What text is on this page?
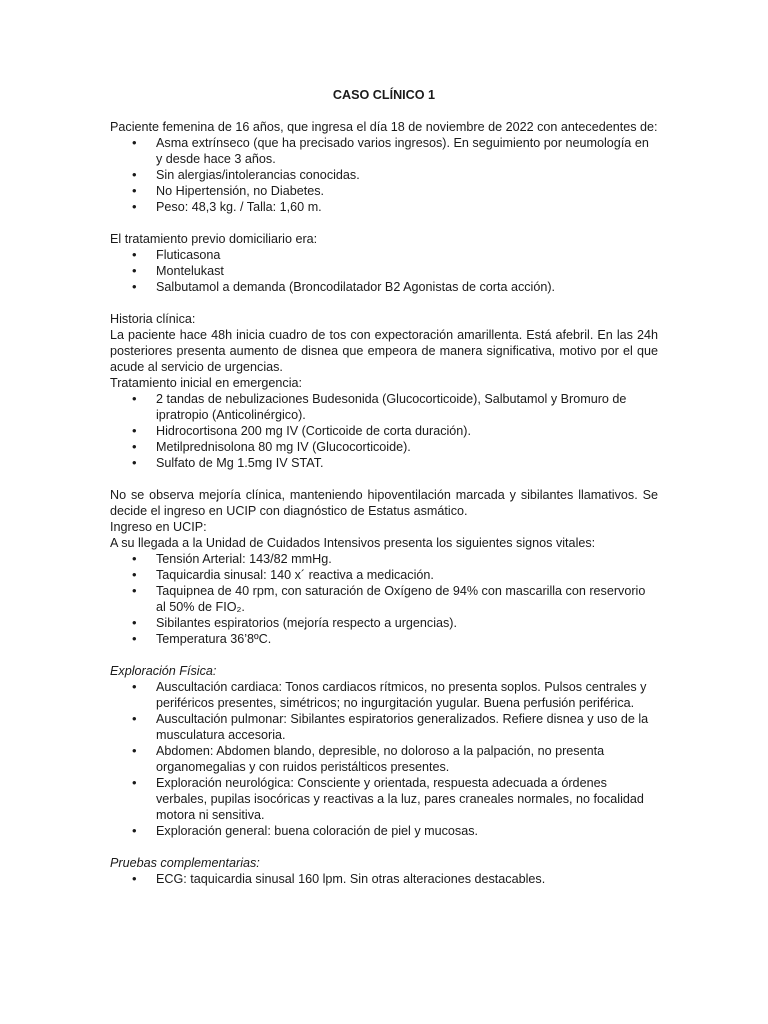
CASO CLÍNICO 1

Paciente femenina de 16 años, que ingresa el día 18 de noviembre de 2022 con antecedentes de:

• Asma extrínseco (que ha precisado varios ingresos). En seguimiento por neumología en y desde hace 3 años.
• Sin alergias/intolerancias conocidas.
• No Hipertensión, no Diabetes.
• Peso: 48,3 kg. / Talla: 1,60 m.

El tratamiento previo domiciliario era:

• Fluticasona
• Montelukast
• Salbutamol a demanda (Broncodilatador B2 Agonistas de corta acción).

Historia clínica:

La paciente hace 48h inicia cuadro de tos con expectoración amarillenta. Está afebril. En las 24h posteriores presenta aumento de disnea que empeora de manera significativa, motivo por el que acude al servicio de urgencias.

Tratamiento inicial en emergencia:

• 2 tandas de nebulizaciones Budesonida (Glucocorticoide), Salbutamol y Bromuro de ipratropio (Anticolinérgico).
• Hidrocortisona 200 mg IV (Corticoide de corta duración).
• Metilprednisolona 80 mg IV (Glucocorticoide).
• Sulfato de Mg 1.5mg IV STAT.

No se observa mejoría clínica, manteniendo hipoventilación marcada y sibilantes llamativos. Se decide el ingreso en UCIP con diagnóstico de Estatus asmático.

Ingreso en UCIP:

A su llegada a la Unidad de Cuidados Intensivos presenta los siguientes signos vitales:

• Tensión Arterial: 143/82 mmHg.
• Taquicardia sinusal: 140 x´ reactiva a medicación.
• Taquipnea de 40 rpm, con saturación de Oxígeno de 94% con mascarilla con reservorio al 50% de FIO₂.
• Sibilantes espiratorios (mejoría respecto a urgencias).
• Temperatura 36’8ºC.

Exploración Física:

• Auscultación cardiaca: Tonos cardiacos rítmicos, no presenta soplos. Pulsos centrales y periféricos presentes, simétricos; no ingurgitación yugular. Buena perfusión periférica.
• Auscultación pulmonar: Sibilantes espiratorios generalizados. Refiere disnea y uso de la musculatura accesoria.
• Abdomen: Abdomen blando, depresible, no doloroso a la palpación, no presenta organomegalias y con ruidos peristálticos presentes.
• Exploración neurológica: Consciente y orientada, respuesta adecuada a órdenes verbales, pupilas isocóricas y reactivas a la luz, pares craneales normales, no focalidad motora ni sensitiva.
• Exploración general: buena coloración de piel y mucosas.

Pruebas complementarias:

• ECG: taquicardia sinusal 160 lpm. Sin otras alteraciones destacables.
